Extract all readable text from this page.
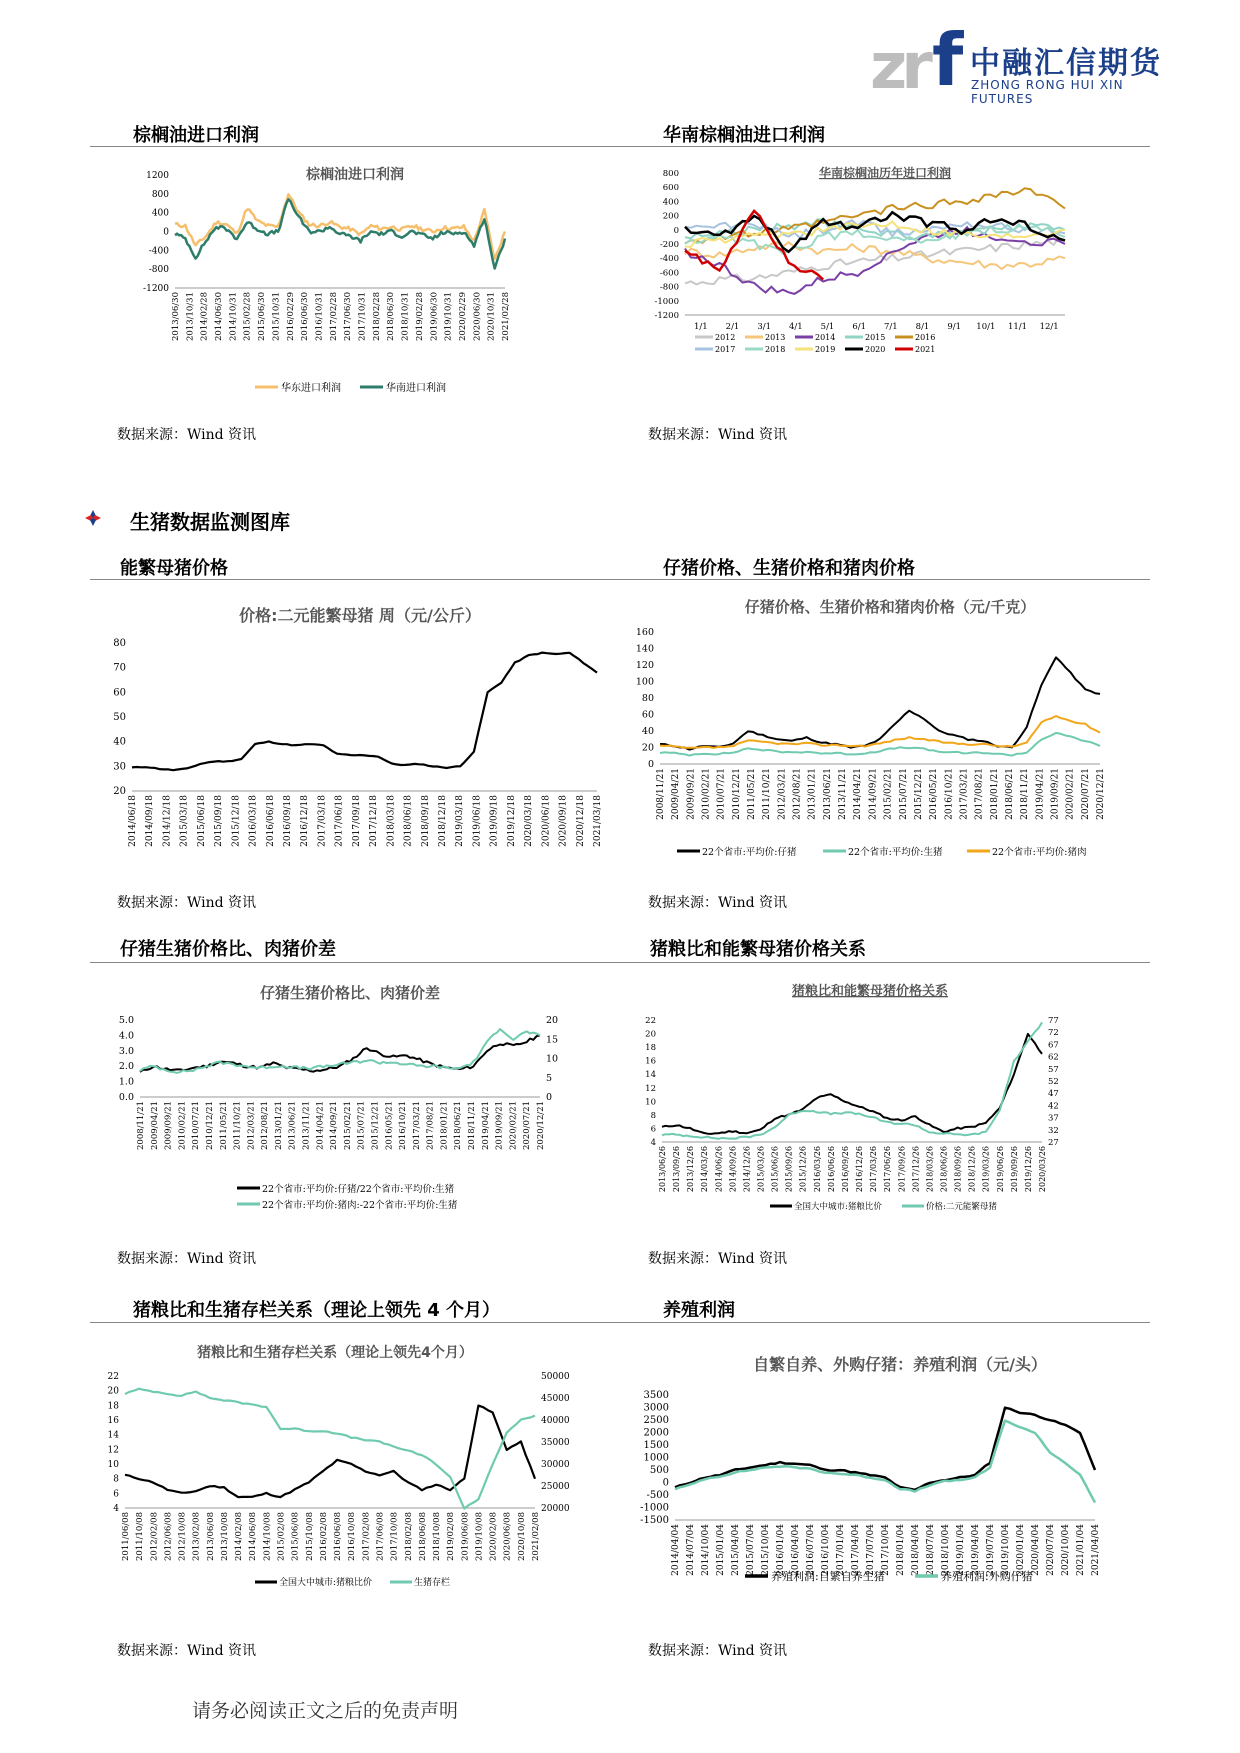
zr f 中融汇信期货
ZHONG RONG HUI XIN FUTURES
棕榈油进口利润	华南棕榈油进口利润
棕榈油进口利润
1200
800
400
0
-400
-800
-1200
2013/06/30 2013/10/31 2014/02/28 2014/06/30 2014/10/31 2015/02/28 2015/06/30 2015/10/31 2016/02/29 2016/06/30 2016/10/31 2017/02/28 2017/06/30 2017/10/31 2018/02/28 2018/06/30 2018/10/31 2019/02/28 2019/06/30 2019/10/31 2020/02/29 2020/06/30 2020/10/31 2021/02/28
华东进口利润	华南进口利润
华南棕榈油历年进口利润
800
600
400
200
0
-200
-400
-600
-800
-1000
-1200
1/1 2/1 3/1 4/1 5/1 6/1 7/1 8/1 9/1 10/1 11/1 12/1
2012	2013	2014	2015	2016
2017	2018	2019	2020	2021
数据来源：Wind 资讯	数据来源：Wind 资讯
生猪数据监测图库
能繁母猪价格	仔猪价格、生猪价格和猪肉价格
价格:二元能繁母猪 周（元/公斤）
80
70
60
50
40
30
20
2014/06/18 2014/09/18 2014/12/18 2015/03/18 2015/06/18 2015/09/18 2015/12/18 2016/03/18 2016/06/18 2016/09/18 2016/12/18 2017/03/18 2017/06/18 2017/09/18 2017/12/18 2018/03/18 2018/06/18 2018/09/18 2018/12/18 2019/03/18 2019/06/18 2019/09/18 2019/12/18 2020/03/18 2020/06/18 2020/09/18 2020/12/18 2021/03/18
仔猪价格、生猪价格和猪肉价格（元/千克）
160
140
120
100
80
60
40
20
0
2008/11/21 2009/04/21 2009/09/21 2010/02/21 2010/07/21 2010/12/21 2011/05/21 2011/10/21 2012/03/21 2012/08/21 2013/01/21 2013/06/21 2013/11/21 2014/04/21 2014/09/21 2015/02/21 2015/07/21 2015/12/21 2016/05/21 2016/10/21 2017/03/21 2017/08/21 2018/01/21 2018/06/21 2018/11/21 2019/04/21 2019/09/21 2020/02/21 2020/07/21 2020/12/21
22个省市:平均价:仔猪	22个省市:平均价:生猪	22个省市:平均价:猪肉
数据来源：Wind 资讯	数据来源：Wind 资讯
仔猪生猪价格比、肉猪价差	猪粮比和能繁母猪价格关系
仔猪生猪价格比、肉猪价差
5.0
4.0
3.0
2.0
1.0
0.0
20
15
10
5
0
2008/11/21 2009/04/21 2009/09/21 2010/02/21 2010/07/21 2010/12/21 2011/05/21 2011/10/21 2012/03/21 2012/08/21 2013/01/21 2013/06/21 2013/11/21 2014/04/21 2014/09/21 2015/02/21 2015/07/21 2015/12/21 2016/05/21 2016/10/21 2017/03/21 2017/08/21 2018/01/21 2018/06/21 2018/11/21 2019/04/21 2019/09/21 2020/02/21 2020/07/21 2020/12/21
22个省市:平均价:仔猪/22个省市:平均价:生猪
22个省市:平均价:猪肉:-22个省市:平均价:生猪
猪粮比和能繁母猪价格关系
22
20
18
16
14
12
10
8
6
4
77
72
67
62
57
52
47
42
37
32
27
2013/06/26 2013/09/26 2013/12/26 2014/03/26 2014/06/26 2014/09/26 2014/12/26 2015/03/26 2015/06/26 2015/09/26 2015/12/26 2016/03/26 2016/06/26 2016/09/26 2016/12/26 2017/03/26 2017/06/26 2017/09/26 2017/12/26 2018/03/26 2018/06/26 2018/09/26 2018/12/26 2019/03/26 2019/06/26 2019/09/26 2019/12/26 2020/03/26
全国大中城市:猪粮比价	价格:二元能繁母猪
数据来源：Wind 资讯	数据来源：Wind 资讯
猪粮比和生猪存栏关系（理论上领先 4 个月）	养殖利润
猪粮比和生猪存栏关系（理论上领先4个月）
22
20
18
16
14
12
10
8
6
4
50000
45000
40000
35000
30000
25000
20000
2011/06/08 2011/10/08 2012/02/08 2012/06/08 2012/10/08 2013/02/08 2013/06/08 2013/10/08 2014/02/08 2014/06/08 2014/10/08 2015/02/08 2015/06/08 2015/10/08 2016/02/08 2016/06/08 2016/10/08 2017/02/08 2017/06/08 2017/10/08 2018/02/08 2018/06/08 2018/10/08 2019/02/08 2019/06/08 2019/10/08 2020/02/08 2020/06/08 2020/10/08 2021/02/08
全国大中城市:猪粮比价	生猪存栏
自繁自养、外购仔猪：养殖利润（元/头）
3500
3000
2500
2000
1500
1000
500
0
-500
-1000
-1500
2014/04/04 2014/07/04 2014/10/04 2015/01/04 2015/04/04 2015/07/04 2015/10/04 2016/01/04 2016/04/04 2016/07/04 2016/10/04 2017/01/04 2017/04/04 2017/07/04 2017/10/04 2018/01/04 2018/04/04 2018/07/04 2018/10/04 2019/01/04 2019/04/04 2019/07/04 2019/10/04 2020/01/04 2020/04/04 2020/07/04 2020/10/04 2021/01/04 2021/04/04
养殖利润:自繁自养生猪	养殖利润:外购仔猪
数据来源：Wind 资讯	数据来源：Wind 资讯
请务必阅读正文之后的免责声明
